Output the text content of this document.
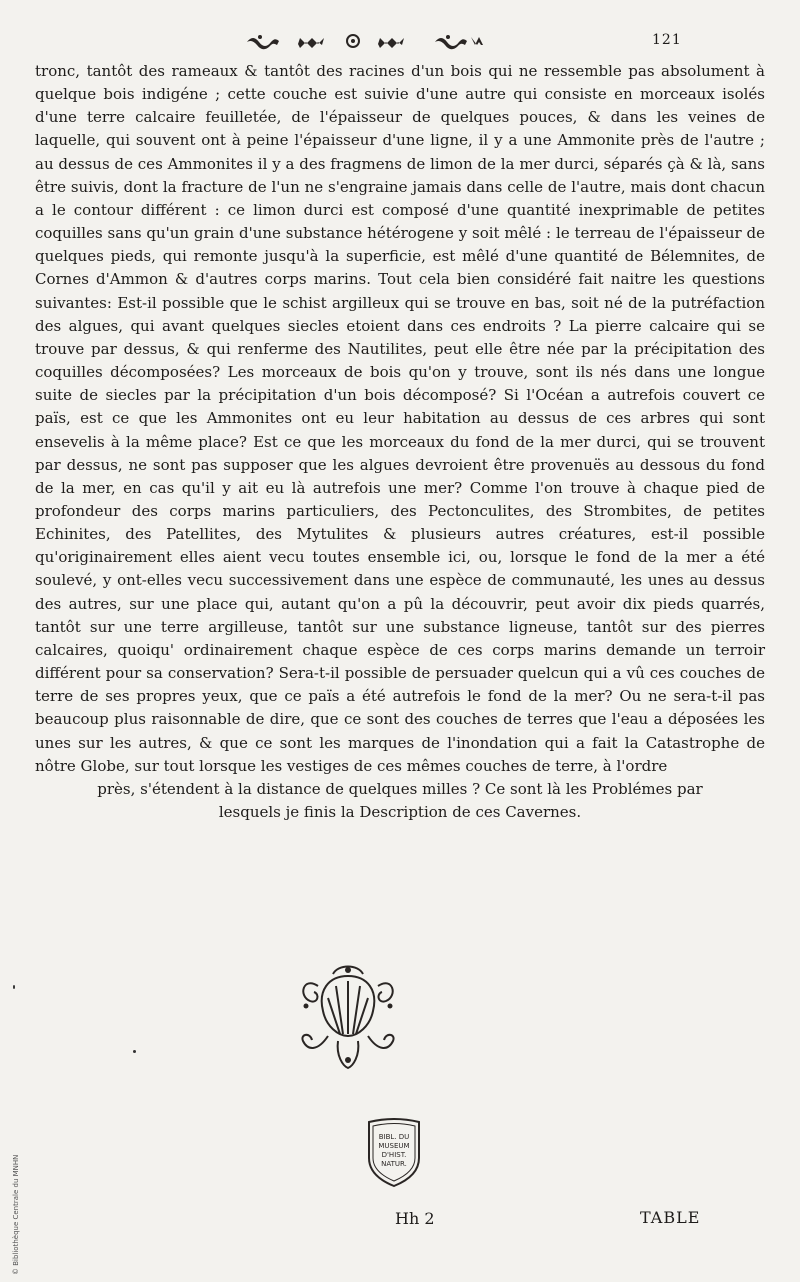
121

tronc, tantôt des rameaux & tantôt des racines d'un bois qui ne ressemble pas absolument à quelque bois indigéne ; cette couche est suivie d'une autre qui consiste en morceaux isolés d'une terre calcaire feuilletée, de l'épaisseur de quelques pouces, & dans les veines de laquelle, qui souvent ont à peine l'épaisseur d'une ligne, il y a une Ammonite près de l'autre ; au dessus de ces Ammonites il y a des fragmens de limon de la mer durci, séparés çà & là, sans être suivis, dont la fracture de l'un ne s'engraine jamais dans celle de l'autre, mais dont chacun a le contour différent : ce limon durci est composé d'une quantité inexprimable de petites coquilles sans qu'un grain d'une substance hétérogene y soit mêlé : le terreau de l'épaisseur de quelques pieds, qui remonte jusqu'à la superficie, est mêlé d'une quantité de Bélemnites, de Cornes d'Ammon & d'autres corps marins. Tout cela bien considéré fait naitre les questions suivantes: Est-il possible que le schist argilleux qui se trouve en bas, soit né de la putréfaction des algues, qui avant quelques siecles etoient dans ces endroits ? La pierre calcaire qui se trouve par dessus, & qui renferme des Nautilites, peut elle être née par la précipitation des coquilles décomposées? Les morceaux de bois qu'on y trouve, sont ils nés dans une longue suite de siecles par la précipitation d'un bois décomposé? Si l'Océan a autrefois couvert ce païs, est ce que les Ammonites ont eu leur habitation au dessus de ces arbres qui sont ensevelis à la même place? Est ce que les morceaux du fond de la mer durci, qui se trouvent par dessus, ne sont pas supposer que les algues devroient être provenuës au dessous du fond de la mer, en cas qu'il y ait eu là autrefois une mer? Comme l'on trouve à chaque pied de profondeur des corps marins particuliers, des Pectonculites, des Strombites, de petites Echinites, des Patellites, des Mytulites & plusieurs autres créatures, est-il possible qu'originairement elles aient vecu toutes ensemble ici, ou, lorsque le fond de la mer a été soulevé, y ont-elles vecu successivement dans une espèce de communauté, les unes au dessus des autres, sur une place qui, autant qu'on a pû la découvrir, peut avoir dix pieds quarrés, tantôt sur une terre argilleuse, tantôt sur une substance ligneuse, tantôt sur des pierres calcaires, quoiqu' ordinairement chaque espèce de ces corps marins demande un terroir différent pour sa conservation? Sera-t-il possible de persuader quelcun qui a vû ces couches de terre de ses propres yeux, que ce païs a été autrefois le fond de la mer? Ou ne sera-t-il pas beaucoup plus raisonnable de dire, que ce sont des couches de terres que l'eau a déposées les unes sur les autres, & que ce sont les marques de l'inondation qui a fait la Catastrophe de nôtre Globe, sur tout lorsque les vestiges de ces mêmes couches de terre, à l'ordre

près, s'étendent à la distance de quelques milles ? Ce sont là les Problémes par lesquels je finis la Description de ces Cavernes.

BIBL. DU
MUSEUM
D'HIST.
NATUR.
Hh 2	TABLE
© Bibliothèque Centrale du MNHN
